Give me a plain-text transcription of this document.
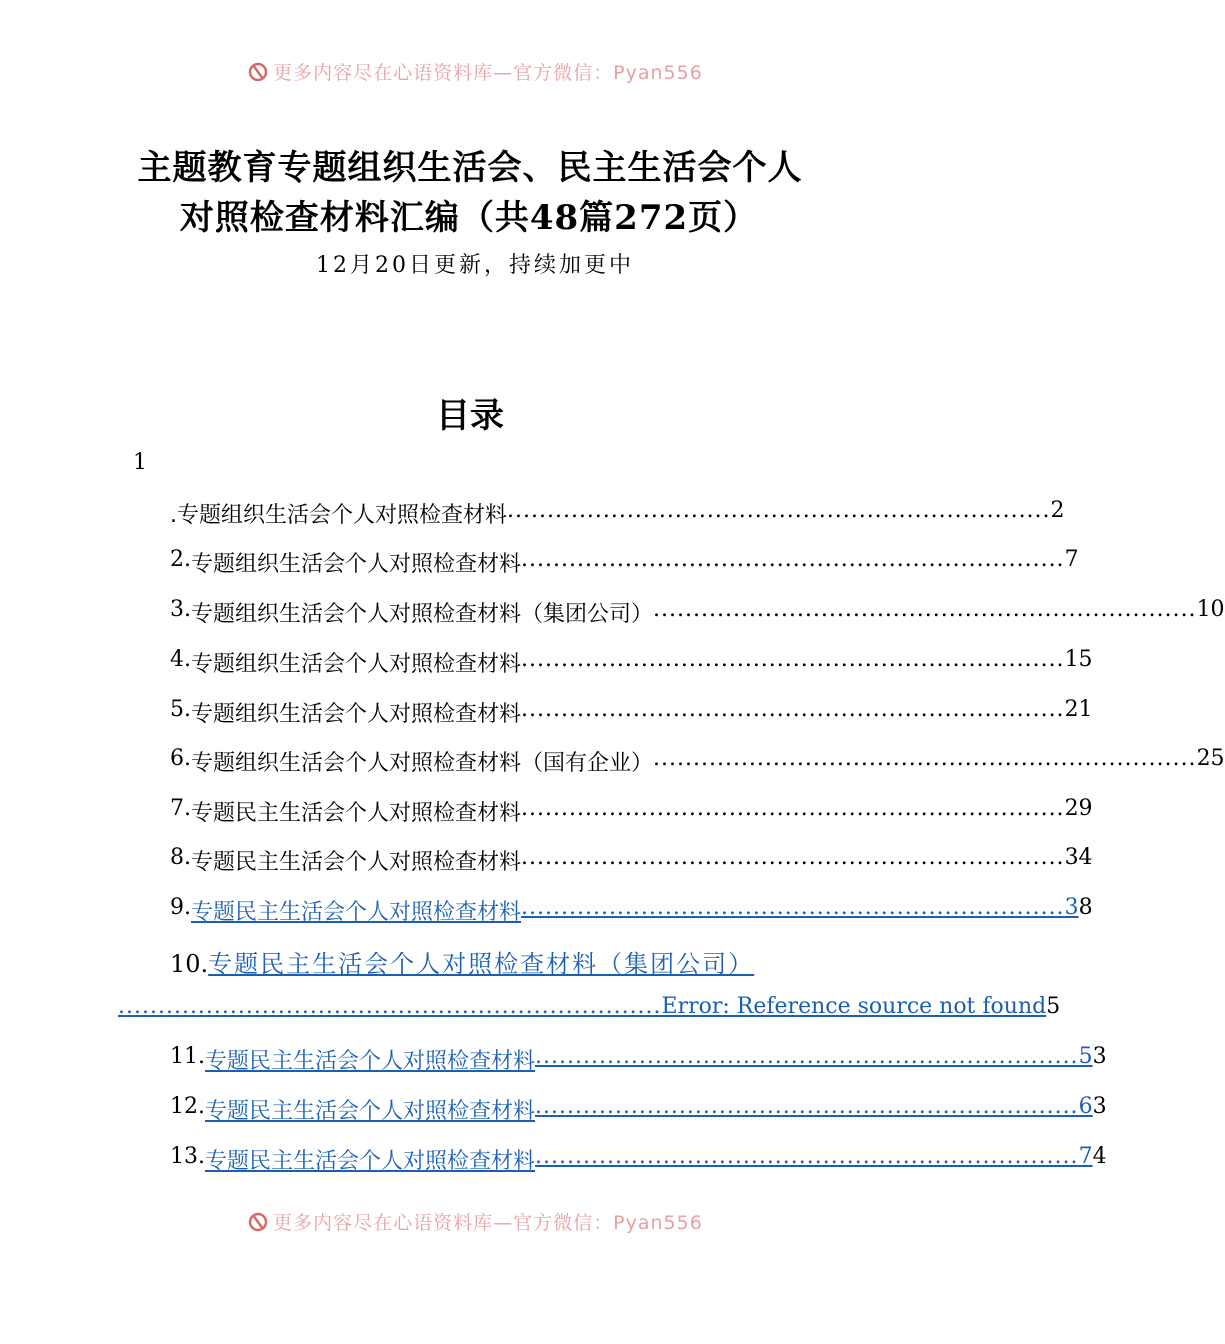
更多内容尽在心语资料库—官方微信：Pyan556
主题教育专题组织生活会、民主生活会个人
对照检查材料汇编（共48篇272页）
12月20日更新，持续加更中
目录
1
.专题组织生活会个人对照检查材料 .................................................................... 2
2. 专题组织生活会个人对照检查材料 .................................................................... 7
3. 专题组织生活会个人对照检查材料（集团公司） .................................................................... 10
4. 专题组织生活会个人对照检查材料 .................................................................... 15
5. 专题组织生活会个人对照检查材料 .................................................................... 21
6. 专题组织生活会个人对照检查材料（国有企业） .................................................................... 25
7. 专题民主生活会个人对照检查材料 .................................................................... 29
8. 专题民主生活会个人对照检查材料 .................................................................... 34
9. 专题民主生活会个人对照检查材料 .................................................................... 3 8
10.专题民主生活会个人对照检查材料（集团公司）
.................................................................... Error: Reference source not found 5
11. 专题民主生活会个人对照检查材料 .................................................................... 5 3
12. 专题民主生活会个人对照检查材料 .................................................................... 6 3
13. 专题民主生活会个人对照检查材料 .................................................................... 7 4
更多内容尽在心语资料库—官方微信：Pyan556
